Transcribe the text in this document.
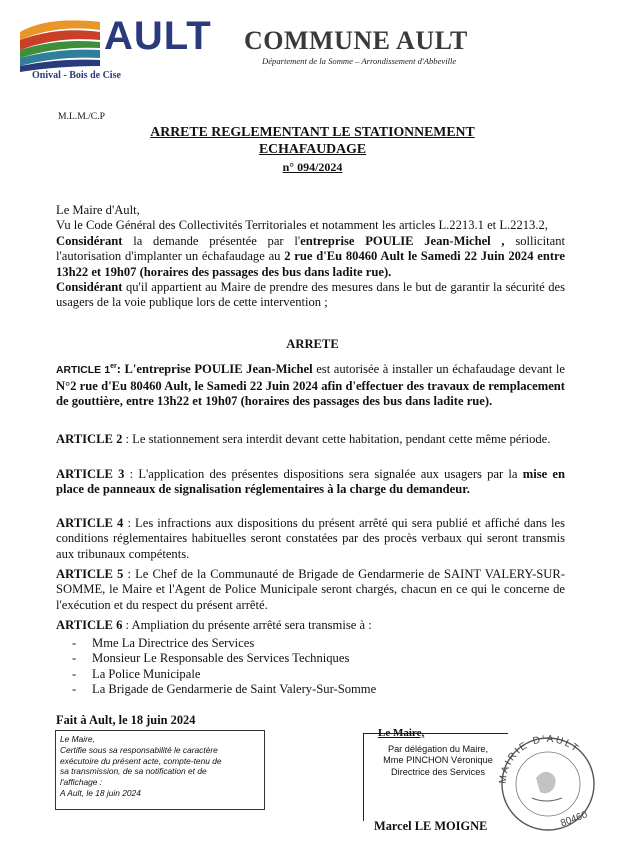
AULT
Onival - Bois de Cise
COMMUNE AULT
Département de la Somme – Arrondissement d'Abbeville
M.L.M./C.P
ARRETE REGLEMENTANT LE STATIONNEMENT
ECHAFAUDAGE
n° 094/2024

Le Maire d'Ault,

Vu le Code Général des Collectivités Territoriales et notamment les articles L.2213.1 et L.2213.2,

Considérant la demande présentée par l'entreprise POULIE Jean-Michel , sollicitant l'autorisation d'implanter un échafaudage au 2 rue d'Eu 80460 Ault le Samedi 22 Juin 2024 entre 13h22 et 19h07 (horaires des passages des bus dans ladite rue).

Considérant qu'il appartient au Maire de prendre des mesures dans le but de garantir la sécurité des usagers de la voie publique lors de cette intervention ;

ARRETE

ARTICLE 1er: L'entreprise POULIE Jean-Michel est autorisée à installer un échafaudage devant le N°2 rue d'Eu 80460 Ault, le Samedi 22 Juin 2024 afin d'effectuer des travaux de remplacement de gouttière, entre 13h22 et 19h07 (horaires des passages des bus dans ladite rue).

ARTICLE 2 : Le stationnement sera interdit devant cette habitation, pendant cette même période.

ARTICLE 3 : L'application des présentes dispositions sera signalée aux usagers par la mise en place de panneaux de signalisation réglementaires à la charge du demandeur.

ARTICLE 4 : Les infractions aux dispositions du présent arrêté qui sera publié et affiché dans les conditions réglementaires habituelles seront constatées par des procès verbaux qui seront transmis aux tribunaux compétents.

ARTICLE 5 : Le Chef de la Communauté de Brigade de Gendarmerie de SAINT VALERY-SUR-SOMME, le Maire et l'Agent de Police Municipale seront chargés, chacun en ce qui le concerne de l'exécution et du respect du présent arrêté.

ARTICLE 6 : Ampliation du présente arrêté sera transmise à :

-	Mme La Directrice des Services
-	Monsieur Le Responsable des Services Techniques
-	La Police Municipale
-	La Brigade de Gendarmerie de Saint Valery-Sur-Somme
Fait à Ault, le 18 juin 2024
Le Maire,
Certifie sous sa responsabilité le caractère
exécutoire du présent acte, compte-tenu de
sa transmission, de sa notification et de
l'affichage :
A Ault, le 18 juin 2024
Le Maire,
Par délégation du Maire,
Mme PINCHON Véronique
Directrice des Services
MAIRIE D'AULT
80460
Marcel LE MOIGNE
